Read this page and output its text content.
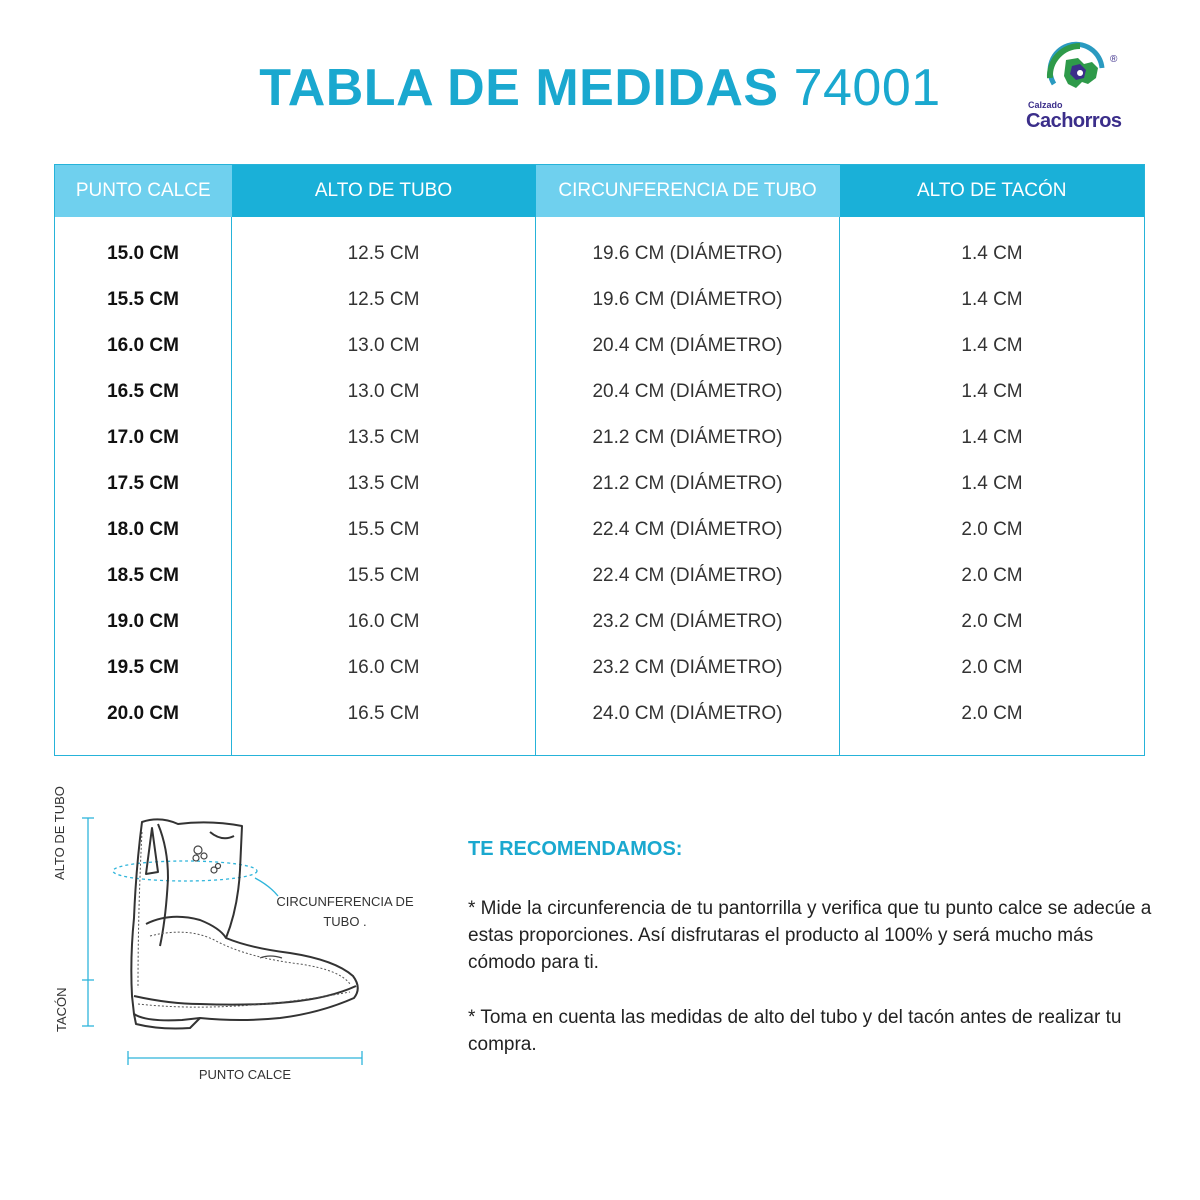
TABLA DE MEDIDAS 74001	®
Calzado
Cachorros
PUNTO CALCE	ALTO DE TUBO	CIRCUNFERENCIA DE TUBO	ALTO DE TACÓN

15.0 CM	12.5 CM	19.6 CM (DIÁMETRO)	1.4 CM
15.5 CM	12.5 CM	19.6 CM (DIÁMETRO)	1.4 CM
16.0 CM	13.0 CM	20.4 CM (DIÁMETRO)	1.4 CM
16.5 CM	13.0 CM	20.4 CM (DIÁMETRO)	1.4 CM
17.0 CM	13.5 CM	21.2 CM (DIÁMETRO)	1.4 CM
17.5 CM	13.5 CM	21.2 CM (DIÁMETRO)	1.4 CM
18.0 CM	15.5 CM	22.4 CM (DIÁMETRO)	2.0 CM
18.5 CM	15.5 CM	22.4 CM (DIÁMETRO)	2.0 CM
19.0 CM	16.0 CM	23.2 CM (DIÁMETRO)	2.0 CM
19.5 CM	16.0 CM	23.2 CM (DIÁMETRO)	2.0 CM
20.0 CM	16.5 CM	24.0 CM (DIÁMETRO)	2.0 CM

ALTO DE TUBO
TACÓN
CIRCUNFERENCIA DE TUBO .
PUNTO CALCE
TE RECOMENDAMOS:

* Mide la circunferencia de tu pantorrilla y verifica que tu punto calce se adecúe a estas proporciones. Así disfrutaras el producto al 100% y será mucho más cómodo para ti.

* Toma en cuenta las medidas de alto del tubo y del tacón antes de realizar tu compra.
